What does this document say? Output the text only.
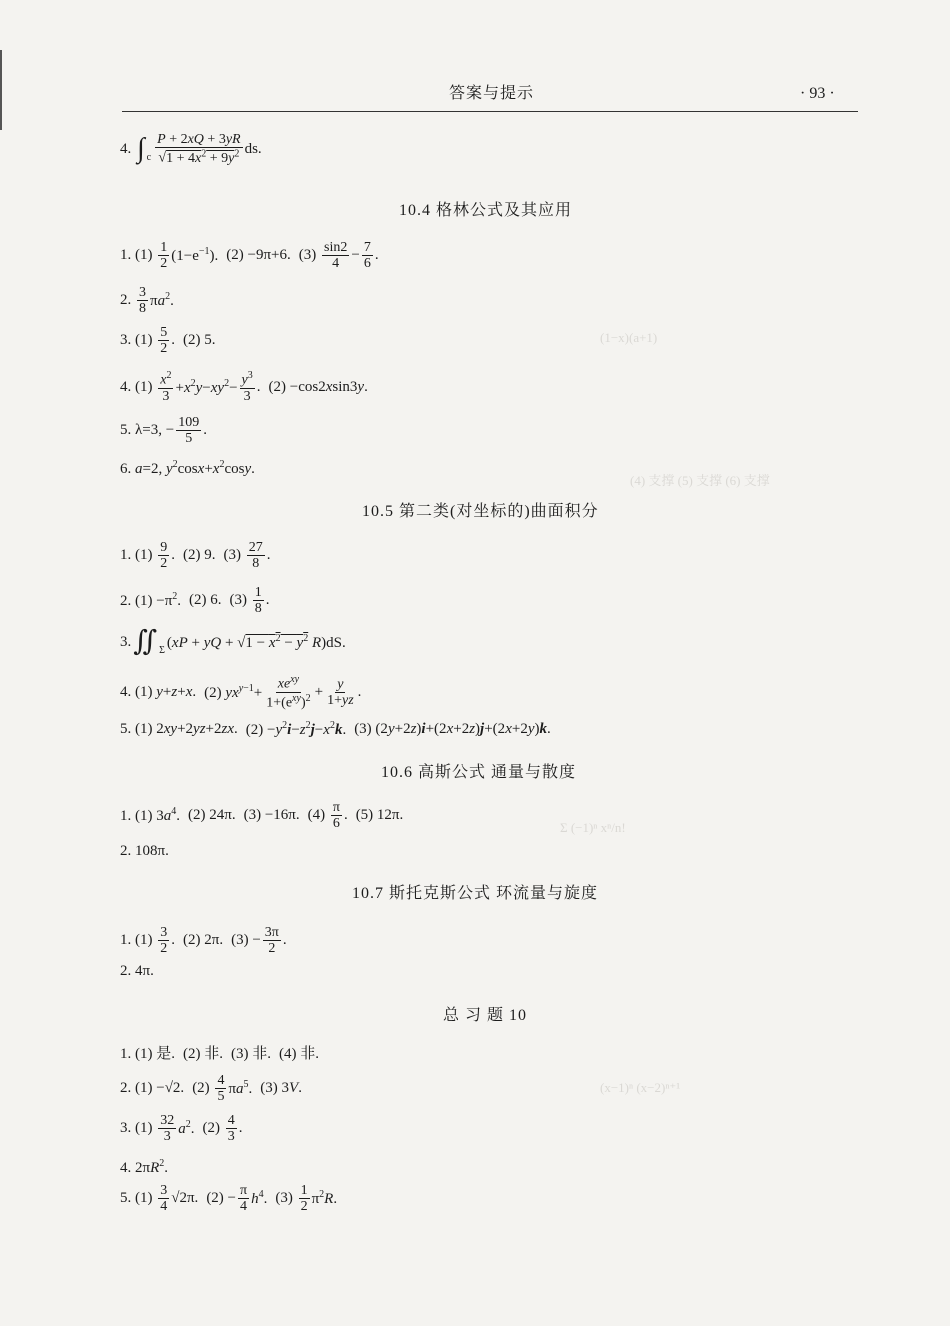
答案与提示	· 93 ·
(1−x)(a+1)
(4) 支撑 (5) 支撑 (6) 支撑
Σ (−1)ⁿ xⁿ/n!
(x−1)ⁿ (x−2)ⁿ⁺¹
4. ∫ c $\frac{P + 2xQ + 3yR}{√1 + 4x^2 + 9y^2}$ ds.
10.4 格林公式及其应用
1. $(1) \frac{1}{2} (1-e^{-1})$. (2) −9π+6. $(3) \frac{\sin 2}{4} - \frac{7}{6}$ .
2. $\frac{3}{8} \pi a^2$.
3. $(1) \frac{5}{2}$ . (2) 5.
4. $(1) \frac{x^2}{3} +x^2y-xy^2- \frac{y^3}{3}$ . (2) −cos2xsin3y.
5. λ=3, − $\frac{109}{5}$ .
6. a=2, $y^2\cos x+x^2\cos y$.
10.5 第二类(对坐标的)曲面积分
1. $(1) \frac{9}{2}$ . (2) 9. $(3) \frac{27}{8}$ .
2. $(1) -\pi^2$. (2) 6. $(3) \frac{1}{8}$ .
3. ∬ Σ (xP + yQ + $√1 - x^2 - y^2$ R)dS.
4. (1) y+z+x. (2) $yx^{y-1}+ \frac{xe^{xy}}{1+(e^{xy})^2} + \frac{y}{1+yz}$ .
5. (1) 2xy+2yz+2zx. $(2) -y^2i-z^2j-x^2k$. (3) (2y+2z)i+(2x+2z)j+(2x+2y)k.
10.6 高斯公式 通量与散度
1. (1) $3a^4$. (2) 24π. (3) −16π. $(4) \frac{\pi}{6}$ . (5) 12π.
2. 108π.
10.7 斯托克斯公式 环流量与旋度
1. $(1) \frac{3}{2}$ . (2) 2π. $(3) - \frac{3\pi}{2}$ .
2. 4π.
总 习 题 10
1. (1) 是. (2) 非. (3) 非. (4) 非.
2. (1) −√2. $(2) \frac{4}{5} \pi a^5$. (3) 3V.
3. $(1) \frac{32}{3} a^2$. $(2) \frac{4}{3}$ .
4. $2\pi R^2$.
5. $(1) \frac{3}{4} √2\pi$. $(2) - \frac{\pi}{4} h^4$. $(3) \frac{1}{2} \pi^2R$.
